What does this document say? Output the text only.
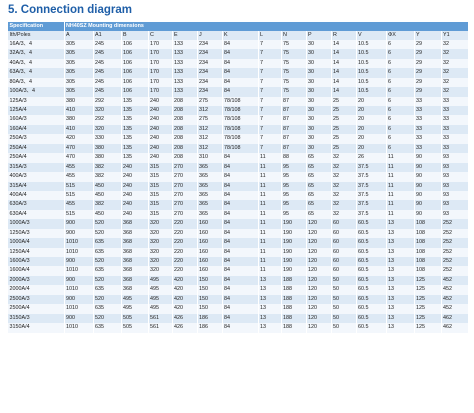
5. Connection diagram
Specification	NH40SZ Mounting dimensions														
Ith/Poles	A	A1	B	C	E	J	K	L	N	P	R	V	ΦX	Y	Y1
16A/3、4	305	245	106	170	133	234	84	7	75	30	14	10.5	6	29	32
32A/3、4	305	245	106	170	133	234	84	7	75	30	14	10.5	6	29	32
40A/3、4	305	245	106	170	133	234	84	7	75	30	14	10.5	6	29	32
63A/3、4	305	245	106	170	133	234	84	7	75	30	14	10.5	6	29	32
80A/3、4	305	245	106	170	133	234	84	7	75	30	14	10.5	6	29	32
100A/3、4	305	245	106	170	133	234	84	7	75	30	14	10.5	6	29	32
125A/3	380	292	135	240	208	275	78/108	7	87	30	25	20	6	33	33
125A/4	410	320	135	240	208	312	78/108	7	87	30	25	20	6	33	33
160A/3	380	292	135	240	208	275	78/108	7	87	30	25	20	6	33	33
160A/4	410	320	135	240	208	312	78/108	7	87	30	25	20	6	33	33
250A/3	420	330	135	240	208	312	78/108	7	87	30	25	20	6	33	33
250A/4	470	380	135	240	208	312	78/108	7	87	30	25	20	6	33	33
250A/4	470	380	135	240	208	310	84	11	88	65	32	26	11	90	93
315A/3	455	382	240	315	270	365	84	11	95	65	32	37.5	11	90	93
400A/3	455	382	240	315	270	365	84	11	95	65	32	37.5	11	90	93
315A/4	515	450	240	315	270	365	84	11	95	65	32	37.5	11	90	93
400A/4	515	450	240	315	270	365	84	11	95	65	32	37.5	11	90	93
630A/3	455	382	240	315	270	365	84	11	95	65	32	37.5	11	90	93
630A/4	515	450	240	315	270	365	84	11	95	65	32	37.5	11	90	93
1000A/3	900	520	368	320	220	160	84	11	190	120	60	60.5	13	108	252
1250A/3	900	520	368	320	220	160	84	11	190	120	60	60.5	13	108	252
1000A/4	1010	635	368	320	220	160	84	11	190	120	60	60.5	13	108	252
1250A/4	1010	635	368	320	220	160	84	11	190	120	60	60.5	13	108	252
1600A/3	900	520	368	320	220	160	84	11	190	120	60	60.5	13	108	252
1600A/4	1010	635	368	320	220	160	84	11	190	120	60	60.5	13	108	252
2000A/3	900	520	368	495	420	150	84	13	188	120	50	60.5	13	125	452
2000A/4	1010	635	368	495	420	150	84	13	188	120	50	60.5	13	125	452
2500A/3	900	520	495	495	420	150	84	13	188	120	50	60.5	13	125	452
2500A/4	1010	635	495	495	420	150	84	13	188	120	50	60.5	13	125	452
3150A/3	900	520	505	561	426	186	84	13	188	120	50	60.5	13	125	462
3150A/4	1010	635	505	561	426	186	84	13	188	120	50	60.5	13	125	462
